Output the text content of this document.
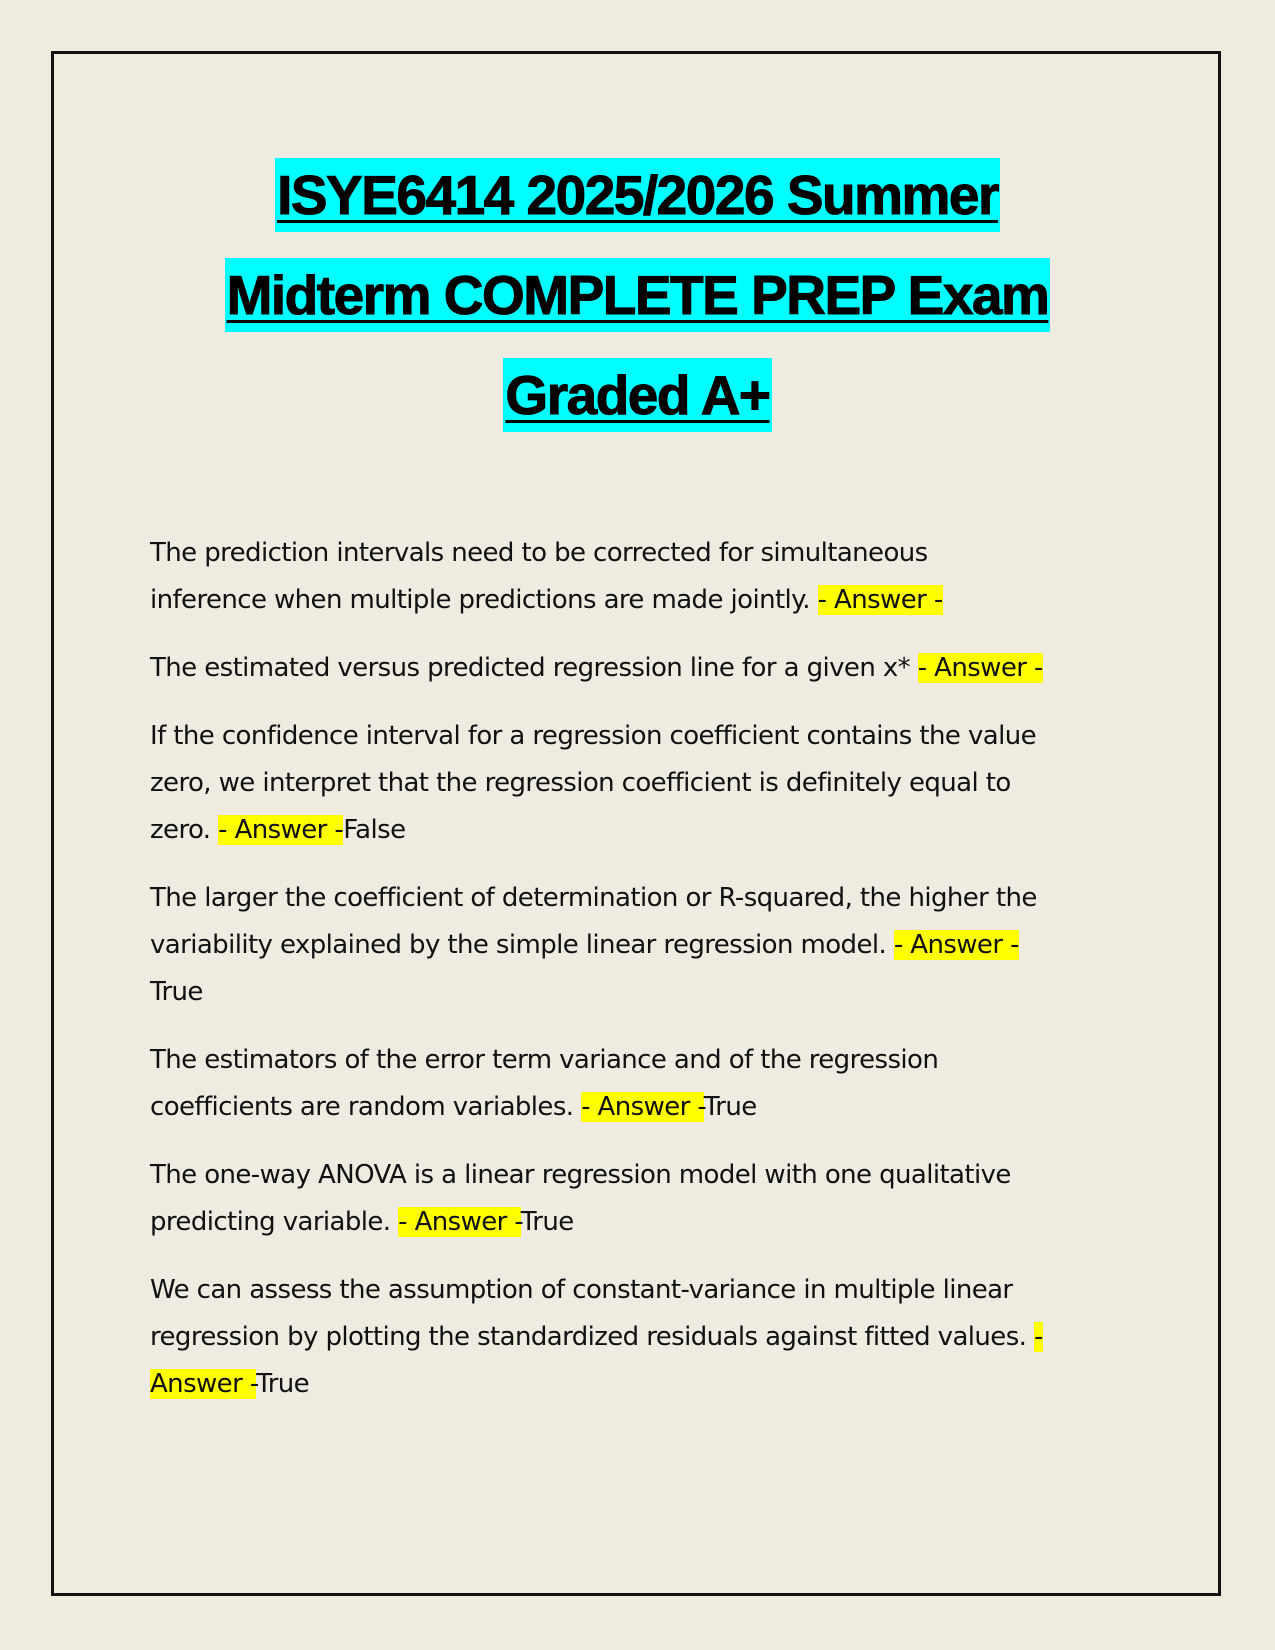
ISYE6414 2025/2026 Summer
Midterm COMPLETE PREP Exam
Graded A+
The prediction intervals need to be corrected for simultaneous
inference when multiple predictions are made jointly. - Answer -
The estimated versus predicted regression line for a given x* - Answer -
If the confidence interval for a regression coefficient contains the value
zero, we interpret that the regression coefficient is definitely equal to
zero. - Answer -False
The larger the coefficient of determination or R-squared, the higher the
variability explained by the simple linear regression model. - Answer -
True
The estimators of the error term variance and of the regression
coefficients are random variables. - Answer -True
The one-way ANOVA is a linear regression model with one qualitative
predicting variable. - Answer -True
We can assess the assumption of constant-variance in multiple linear
regression by plotting the standardized residuals against fitted values. - Answer -True
